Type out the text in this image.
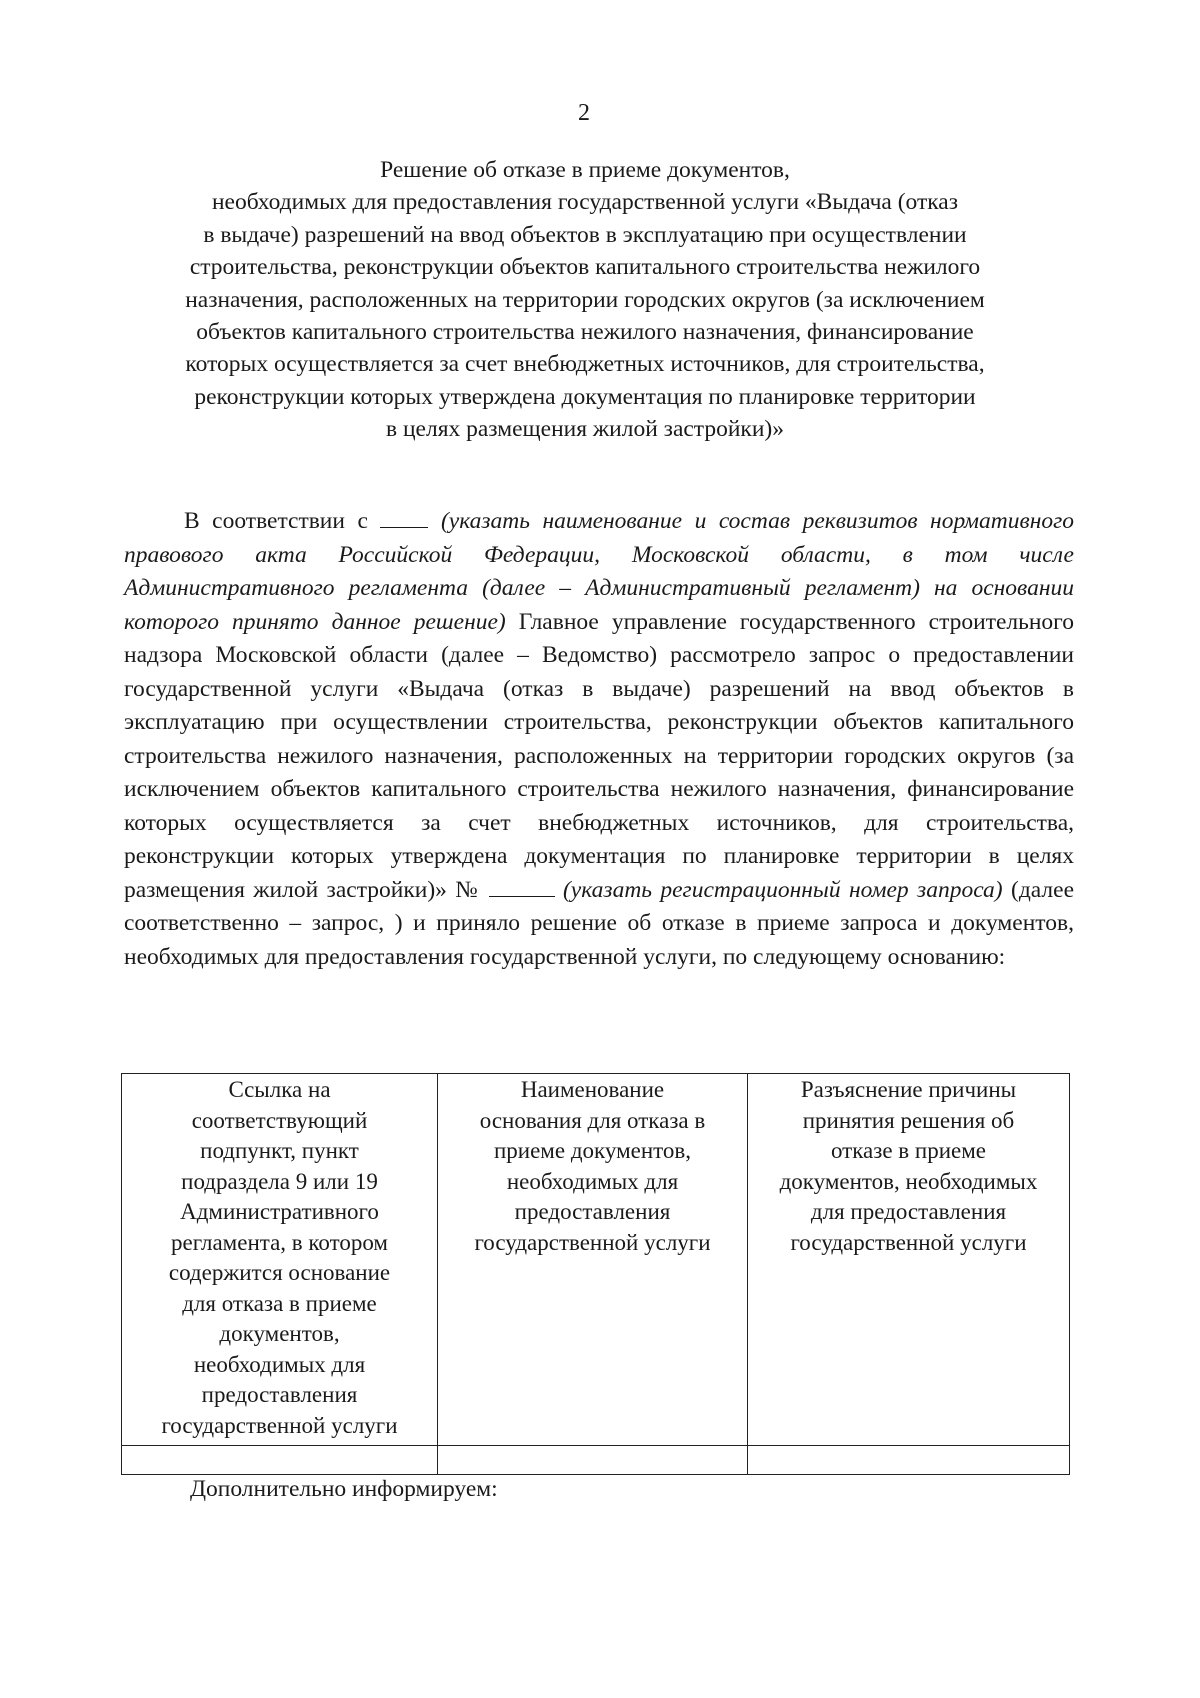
2
Решение об отказе в приеме документов,
необходимых для предоставления государственной услуги «Выдача (отказ
в выдаче) разрешений на ввод объектов в эксплуатацию при осуществлении
строительства, реконструкции объектов капитального строительства нежилого
назначения, расположенных на территории городских округов (за исключением
объектов капитального строительства нежилого назначения, финансирование
которых осуществляется за счет внебюджетных источников, для строительства,
реконструкции которых утверждена документация по планировке территории
в целях размещения жилой застройки)»

В соответствии с	(указать наименование и состав реквизитов нормативного правового акта Российской Федерации, Московской области, в том числе Административного регламента (далее – Административный регламент) на основании которого принято данное решение) Главное управление государственного строительного надзора Московской области (далее – Ведомство) рассмотрело запрос о предоставлении государственной услуги «Выдача (отказ в выдаче) разрешений на ввод объектов в эксплуатацию при осуществлении строительства, реконструкции объектов капитального строительства нежилого назначения, расположенных на территории городских округов (за исключением объектов капитального строительства нежилого назначения, финансирование которых осуществляется за счет внебюджетных источников, для строительства, реконструкции которых утверждена документация по планировке территории в целях размещения жилой застройки)» №	(указать регистрационный номер запроса) (далее соответственно – запрос, ) и приняло решение об отказе в приеме запроса и документов, необходимых для предоставления государственной услуги, по следующему основанию:

Ссылка на соответствующий подпункт, пункт подраздела 9 или 19 Административного регламента, в котором содержится основание для отказа в приеме документов, необходимых для предоставления государственной услуги	Наименование основания для отказа в приеме документов, необходимых для предоставления государственной услуги	Разъяснение причины принятия решения об отказе в приеме документов, необходимых для предоставления государственной услуги

Дополнительно информируем:
